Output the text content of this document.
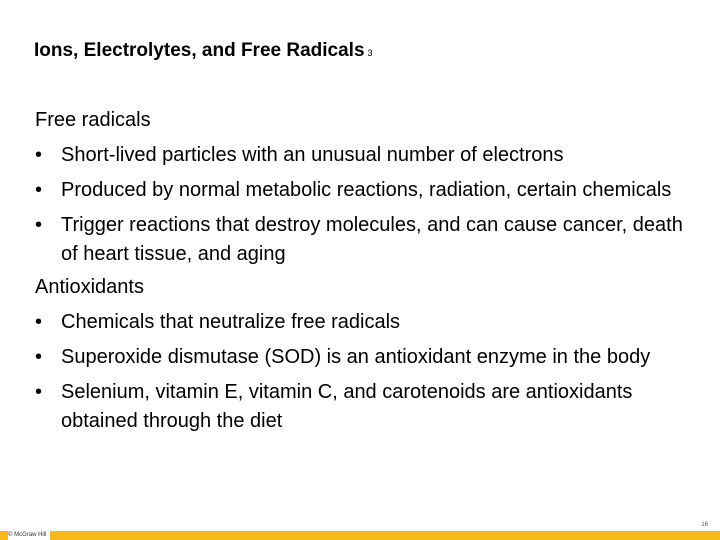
Ions, Electrolytes, and Free Radicals 3
Free radicals
• Short-lived particles with an unusual number of electrons
• Produced by normal metabolic reactions, radiation, certain chemicals
• Trigger reactions that destroy molecules, and can cause cancer, death of heart tissue, and aging
Antioxidants
• Chemicals that neutralize free radicals
• Superoxide dismutase (SOD) is an antioxidant enzyme in the body
• Selenium, vitamin E, vitamin C, and carotenoids are antioxidants obtained through the diet
16
© McGraw Hill
